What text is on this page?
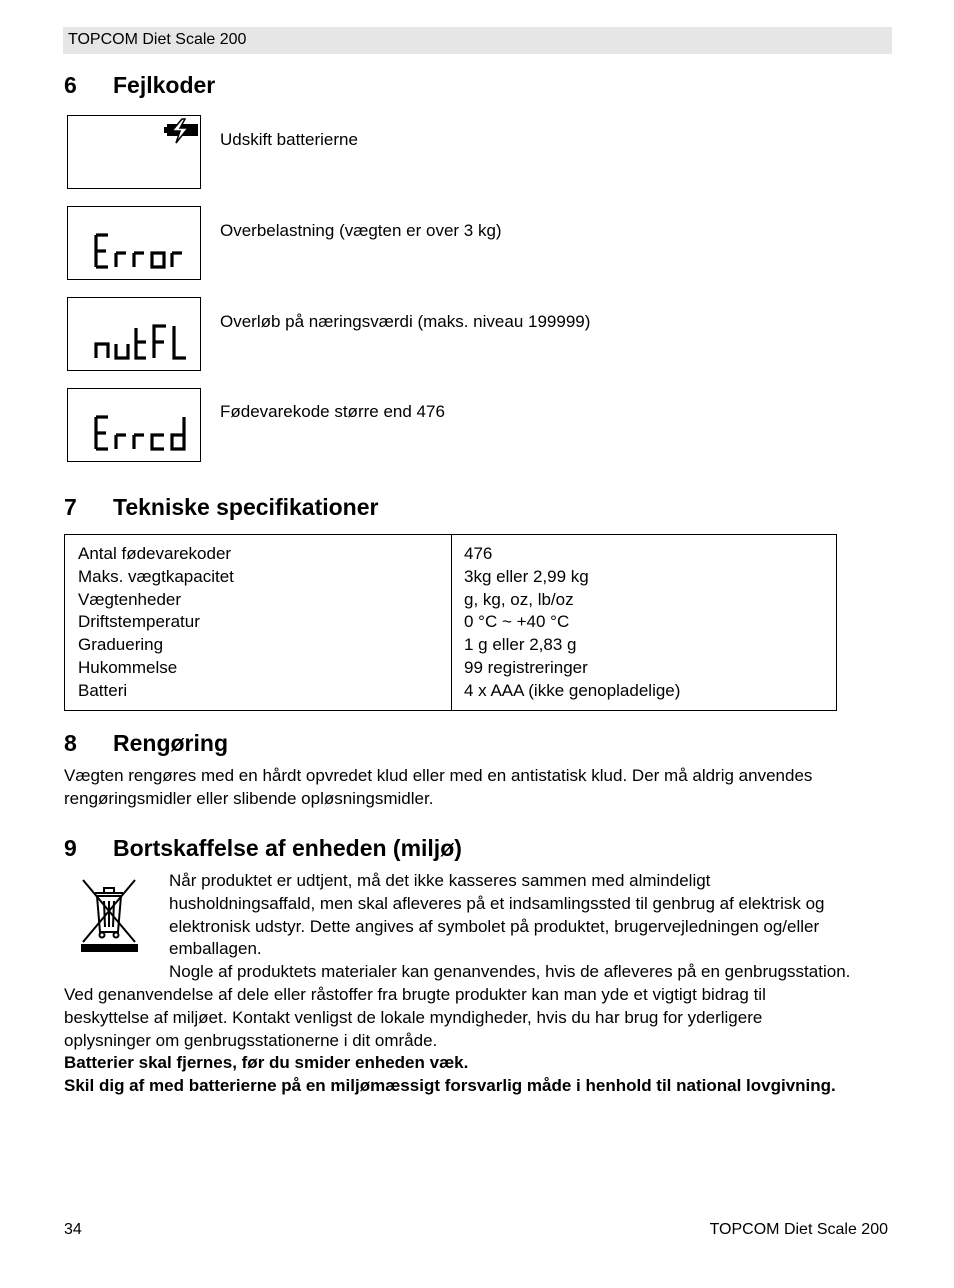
TOPCOM Diet Scale 200
6 Fejlkoder
Udskift batterierne
Overbelastning (vægten er over 3 kg)
Overløb på næringsværdi (maks. niveau 199999)
Fødevarekode større end 476
7 Tekniske specifikationer
Antal fødevarekoder
Maks. vægtkapacitet
Vægtenheder
Driftstemperatur
Graduering
Hukommelse
Batteri
476
3kg eller 2,99 kg
g, kg, oz, lb/oz
0 °C ~ +40 °C
1 g eller 2,83 g
99 registreringer
4 x AAA (ikke genopladelige)
8 Rengøring
Vægten rengøres med en hårdt opvredet klud eller med en antistatisk klud. Der må aldrig anvendes
rengøringsmidler eller slibende opløsningsmidler.
9 Bortskaffelse af enheden (miljø)
Når produktet er udtjent, må det ikke kasseres sammen med almindeligt
husholdningsaffald, men skal afleveres på et indsamlingssted til genbrug af elektrisk og
elektronisk udstyr. Dette angives af symbolet på produktet, brugervejledningen og/eller
emballagen.
Nogle af produktets materialer kan genanvendes, hvis de afleveres på en genbrugsstation.
Ved genanvendelse af dele eller råstoffer fra brugte produkter kan man yde et vigtigt bidrag til
beskyttelse af miljøet. Kontakt venligst de lokale myndigheder, hvis du har brug for yderligere
oplysninger om genbrugsstationerne i dit område.
Batterier skal fjernes, før du smider enheden væk.
Skil dig af med batterierne på en miljømæssigt forsvarlig måde i henhold til national lovgivning.
34	TOPCOM Diet Scale 200
